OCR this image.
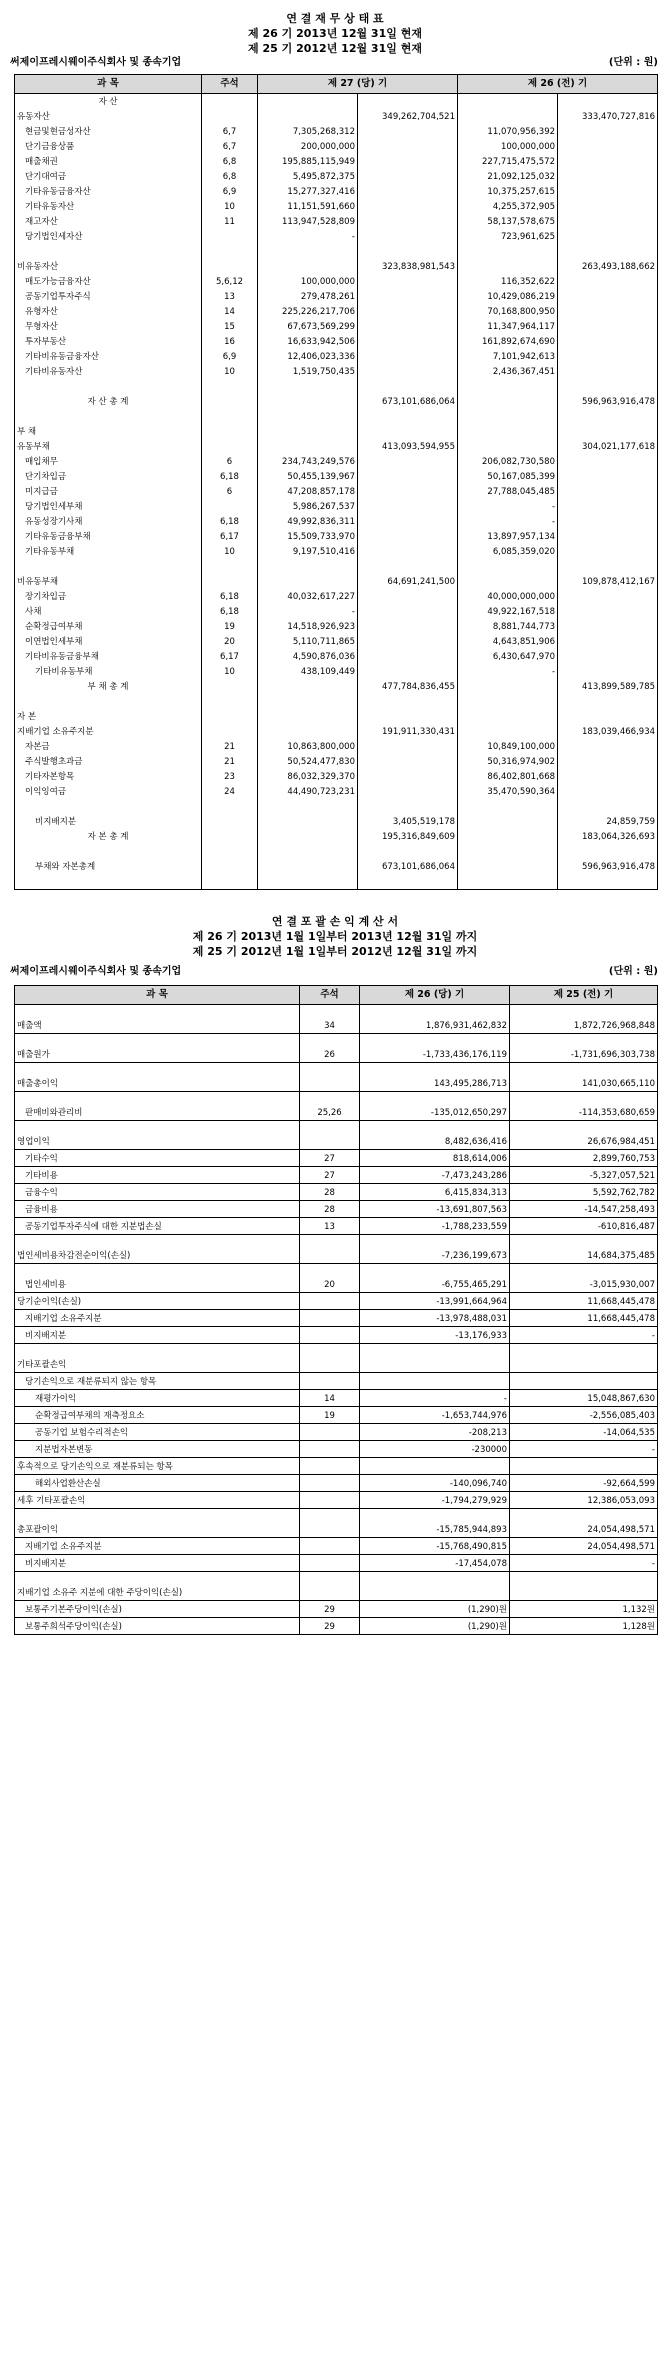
연 결 재 무 상 태 표
제 26 기 2013년 12월 31일 현재
제 25 기 2012년 12월 31일 현재
써제이프레시웨이주식회사 및 종속기업	(단위 : 원)
과 목	주석	제 27 (당) 기		제 26 (전) 기	
자 산					
유동자산			349,262,704,521		333,470,727,816
현금및현금성자산	6,7	7,305,268,312		11,070,956,392	
단기금융상품	6,7	200,000,000		100,000,000	
매출채권	6,8	195,885,115,949		227,715,475,572	
단기대여금	6,8	5,495,872,375		21,092,125,032	
기타유동금융자산	6,9	15,277,327,416		10,375,257,615	
기타유동자산	10	11,151,591,660		4,255,372,905	
재고자산	11	113,947,528,809		58,137,578,675	
당기법인세자산		-		723,961,625	

비유동자산			323,838,981,543		263,493,188,662
매도가능금융자산	5,6,12	100,000,000		116,352,622	
공동기업투자주식	13	279,478,261		10,429,086,219	
유형자산	14	225,226,217,706		70,168,800,950	
무형자산	15	67,673,569,299		11,347,964,117	
투자부동산	16	16,633,942,506		161,892,674,690	
기타비유동금융자산	6,9	12,406,023,336		7,101,942,613	
기타비유동자산	10	1,519,750,435		2,436,367,451	

자 산 총 계			673,101,686,064		596,963,916,478

부 채					
유동부채			413,093,594,955		304,021,177,618
매입채무	6	234,743,249,576		206,082,730,580	
단기차입금	6,18	50,455,139,967		50,167,085,399	
미지급금	6	47,208,857,178		27,788,045,485	
당기법인세부채		5,986,267,537		-	
유동성장기사채	6,18	49,992,836,311		-	
기타유동금융부채	6,17	15,509,733,970		13,897,957,134	
기타유동부채	10	9,197,510,416		6,085,359,020	

비유동부채			64,691,241,500		109,878,412,167
장기차입금	6,18	40,032,617,227		40,000,000,000	
사채	6,18	-		49,922,167,518	
순확정급여부채	19	14,518,926,923		8,881,744,773	
이연법인세부채	20	5,110,711,865		4,643,851,906	
기타비유동금융부채	6,17	4,590,876,036		6,430,647,970	
기타비유동부채	10	438,109,449		-	
부 채 총 계			477,784,836,455		413,899,589,785

자 본					
지배기업 소유주지분			191,911,330,431		183,039,466,934
자본금	21	10,863,800,000		10,849,100,000	
주식발행초과금	21	50,524,477,830		50,316,974,902	
기타자본항목	23	86,032,329,370		86,402,801,668	
이익잉여금	24	44,490,723,231		35,470,590,364	

비지배지분			3,405,519,178		24,859,759
자 본 총 계			195,316,849,609		183,064,326,693

부채와 자본총계			673,101,686,064		596,963,916,478

연 결 포 괄 손 익 계 산 서
제 26 기 2013년 1월 1일부터 2013년 12월 31일 까지
제 25 기 2012년 1월 1일부터 2012년 12월 31일 까지
써제이프레시웨이주식회사 및 종속기업	(단위 : 원)
과 목	주석	제 26 (당) 기	제 25 (전) 기
매출액	34	1,876,931,462,832	1,872,726,968,848
매출원가	26	-1,733,436,176,119	-1,731,696,303,738
매출총이익		143,495,286,713	141,030,665,110
판매비와관리비	25,26	-135,012,650,297	-114,353,680,659
영업이익		8,482,636,416	26,676,984,451
기타수익	27	818,614,006	2,899,760,753
기타비용	27	-7,473,243,286	-5,327,057,521
금융수익	28	6,415,834,313	5,592,762,782
금융비용	28	-13,691,807,563	-14,547,258,493
공동기업투자주식에 대한 지분법손실	13	-1,788,233,559	-610,816,487
법인세비용차감전순이익(손실)		-7,236,199,673	14,684,375,485
법인세비용	20	-6,755,465,291	-3,015,930,007
당기순이익(손실)		-13,991,664,964	11,668,445,478
지배기업 소유주지분		-13,978,488,031	11,668,445,478
비지배지분		-13,176,933	-
기타포괄손익			
당기손익으로 재분류되지 않는 항목			
재평가이익	14	-	15,048,867,630
순확정급여부채의 재측정요소	19	-1,653,744,976	-2,556,085,403
공동기업 보험수리적손익		-208,213	-14,064,535
지분법자본변동		-230000	-
후속적으로 당기손익으로 재분류되는 항목			
해외사업환산손실		-140,096,740	-92,664,599
세후 기타포괄손익		-1,794,279,929	12,386,053,093
총포괄이익		-15,785,944,893	24,054,498,571
지배기업 소유주지분		-15,768,490,815	24,054,498,571
비지배지분		-17,454,078	-
지배기업 소유주 지분에 대한 주당이익(손실)			
보통주기본주당이익(손실)	29	(1,290)원	1,132원
보통주희석주당이익(손실)	29	(1,290)원	1,128원
